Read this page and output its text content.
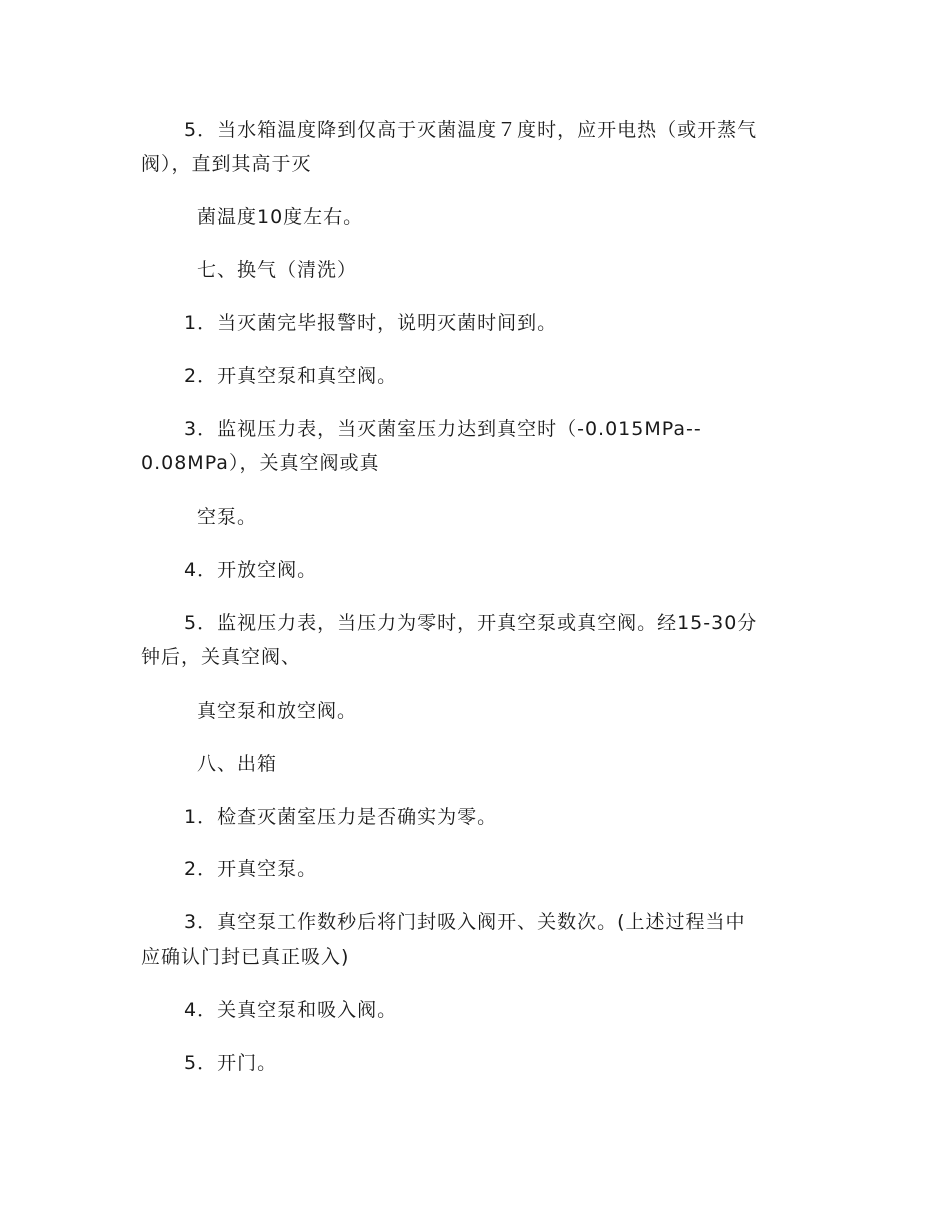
5．当水箱温度降到仅高于灭菌温度７度时，应开电热（或开蒸气
阀），直到其高于灭
菌温度10度左右。
七、换气（清洗）
1．当灭菌完毕报警时，说明灭菌时间到。
2．开真空泵和真空阀。
3．监视压力表，当灭菌室压力达到真空时（-0.015MPa--
0.08MPa），关真空阀或真
空泵。
4．开放空阀。
5．监视压力表，当压力为零时，开真空泵或真空阀。经15-30分
钟后，关真空阀、
真空泵和放空阀。
八、出箱
1．检查灭菌室压力是否确实为零。
2．开真空泵。
3．真空泵工作数秒后将门封吸入阀开、关数次。(上述过程当中
应确认门封已真正吸入)
4．关真空泵和吸入阀。
5．开门。
